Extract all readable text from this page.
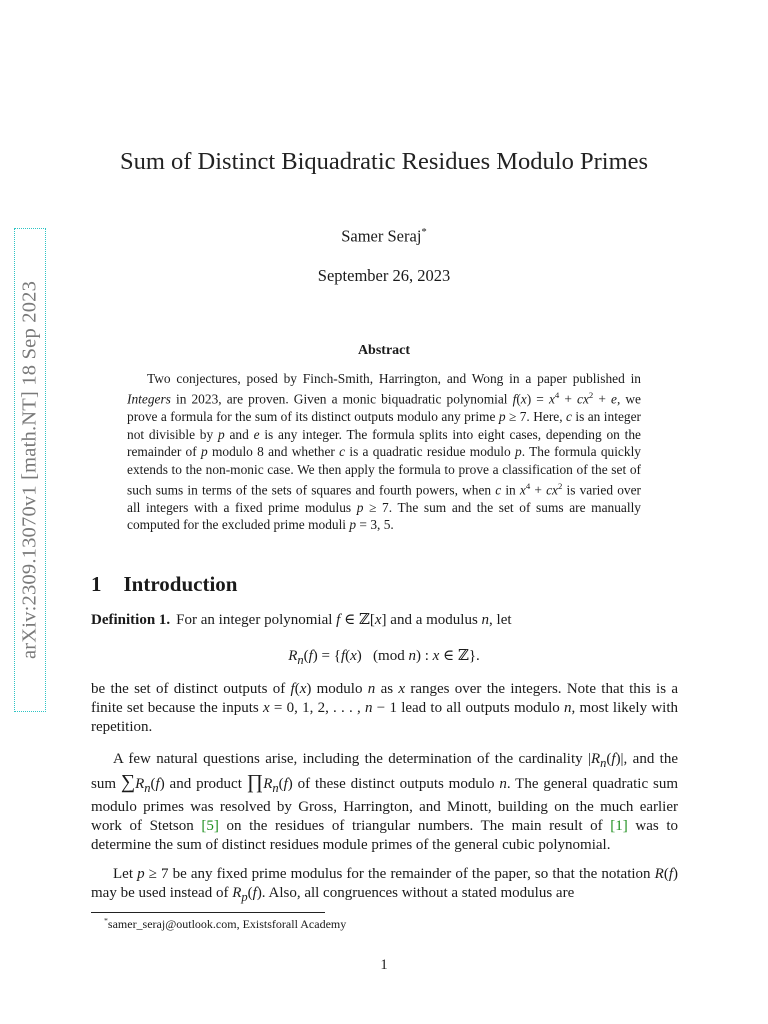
arXiv:2309.13070v1 [math.NT] 18 Sep 2023
Sum of Distinct Biquadratic Residues Modulo Primes
Samer Seraj*
September 26, 2023
Abstract

Two conjectures, posed by Finch-Smith, Harrington, and Wong in a paper published in Integers in 2023, are proven. Given a monic biquadratic polynomial $f(x) = x^4 + cx^2 + e$, we prove a formula for the sum of its distinct outputs modulo any prime p ≥ 7. Here, c is an integer not divisible by p and e is any integer. The formula splits into eight cases, depending on the remainder of p modulo 8 and whether c is a quadratic residue modulo p. The formula quickly extends to the non-monic case. We then apply the formula to prove a classification of the set of such sums in terms of the sets of squares and fourth powers, when c in $x^4 + cx^2$ is varied over all integers with a fixed prime modulus p ≥ 7. The sum and the set of sums are manually computed for the excluded prime moduli p = 3, 5.

1 Introduction

Definition 1. For an integer polynomial f ∈ ℤ[x] and a modulus n, let

$R_n(f) = \{f(x)$   (mod n) : x ∈ ℤ}.

be the set of distinct outputs of f(x) modulo n as x ranges over the integers. Note that this is a finite set because the inputs x = 0, 1, 2, . . . , n − 1 lead to all outputs modulo n, most likely with repetition.

A few natural questions arise, including the determination of the cardinality $|R_n(f)|$, and the sum $\sum R_n(f)$ and product $\prod R_n(f)$ of these distinct outputs modulo n. The general quadratic sum modulo primes was resolved by Gross, Harrington, and Minott, building on the much earlier work of Stetson [5] on the residues of triangular numbers. The main result of [1] was to determine the sum of distinct residues module primes of the general cubic polynomial.

Let p ≥ 7 be any fixed prime modulus for the remainder of the paper, so that the notation R(f) may be used instead of $R_p(f)$. Also, all congruences without a stated modulus are

*samer_seraj@outlook.com, Existsforall Academy
1
